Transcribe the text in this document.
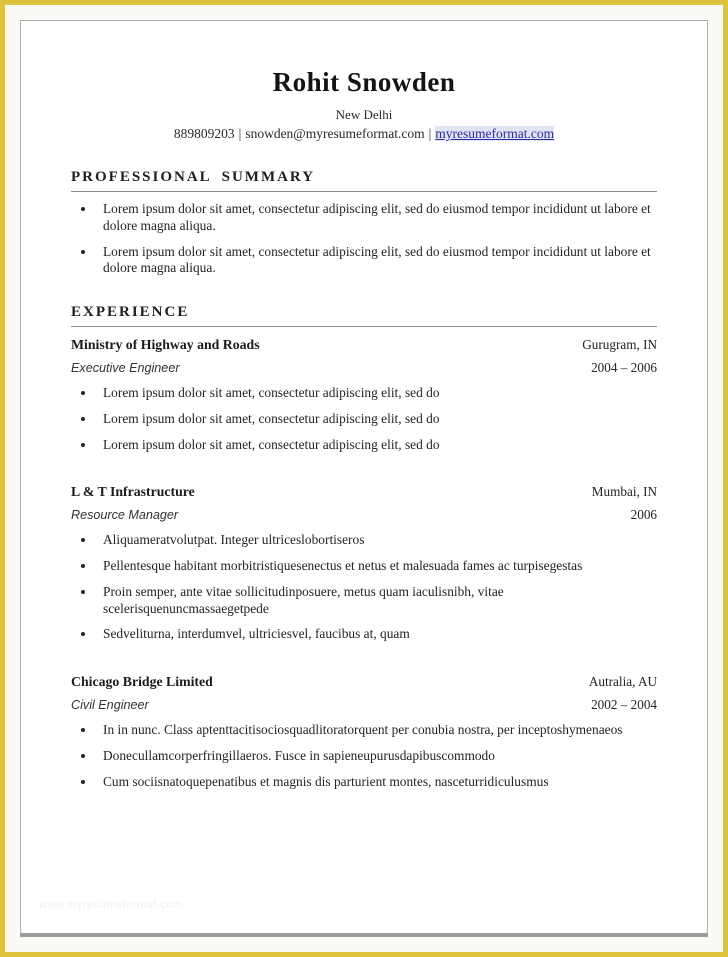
Rohit Snowden
New Delhi
889809203 | snowden@myresumeformat.com | myresumeformat.com
PROFESSIONAL SUMMARY
• Lorem ipsum dolor sit amet, consectetur adipiscing elit, sed do eiusmod tempor incididunt ut labore et dolore magna aliqua.
• Lorem ipsum dolor sit amet, consectetur adipiscing elit, sed do eiusmod tempor incididunt ut labore et dolore magna aliqua.
EXPERIENCE
Ministry of Highway and Roads	Gurugram, IN
Executive Engineer	2004 – 2006
• Lorem ipsum dolor sit amet, consectetur adipiscing elit, sed do
• Lorem ipsum dolor sit amet, consectetur adipiscing elit, sed do
• Lorem ipsum dolor sit amet, consectetur adipiscing elit, sed do
L & T Infrastructure	Mumbai, IN
Resource Manager	2006
• Aliquameratvolutpat. Integer ultriceslobortiseros
• Pellentesque habitant morbitristiquesenectus et netus et malesuada fames ac turpisegestas
• Proin semper, ante vitae sollicitudinposuere, metus quam iaculisnibh, vitae scelerisquenuncmassaegetpede
• Sedveliturna, interdumvel, ultriciesvel, faucibus at, quam
Chicago Bridge Limited	Autralia, AU
Civil Engineer	2002 – 2004
• In in nunc. Class aptenttacitisociosquadlitoratorquent per conubia nostra, per inceptoshymenaeos
• Donecullamcorperfringillaeros. Fusce in sapieneupurusdapibuscommodo
• Cum sociisnatoquepenatibus et magnis dis parturient montes, nasceturridiculusmus
www.myresumeformat.com
